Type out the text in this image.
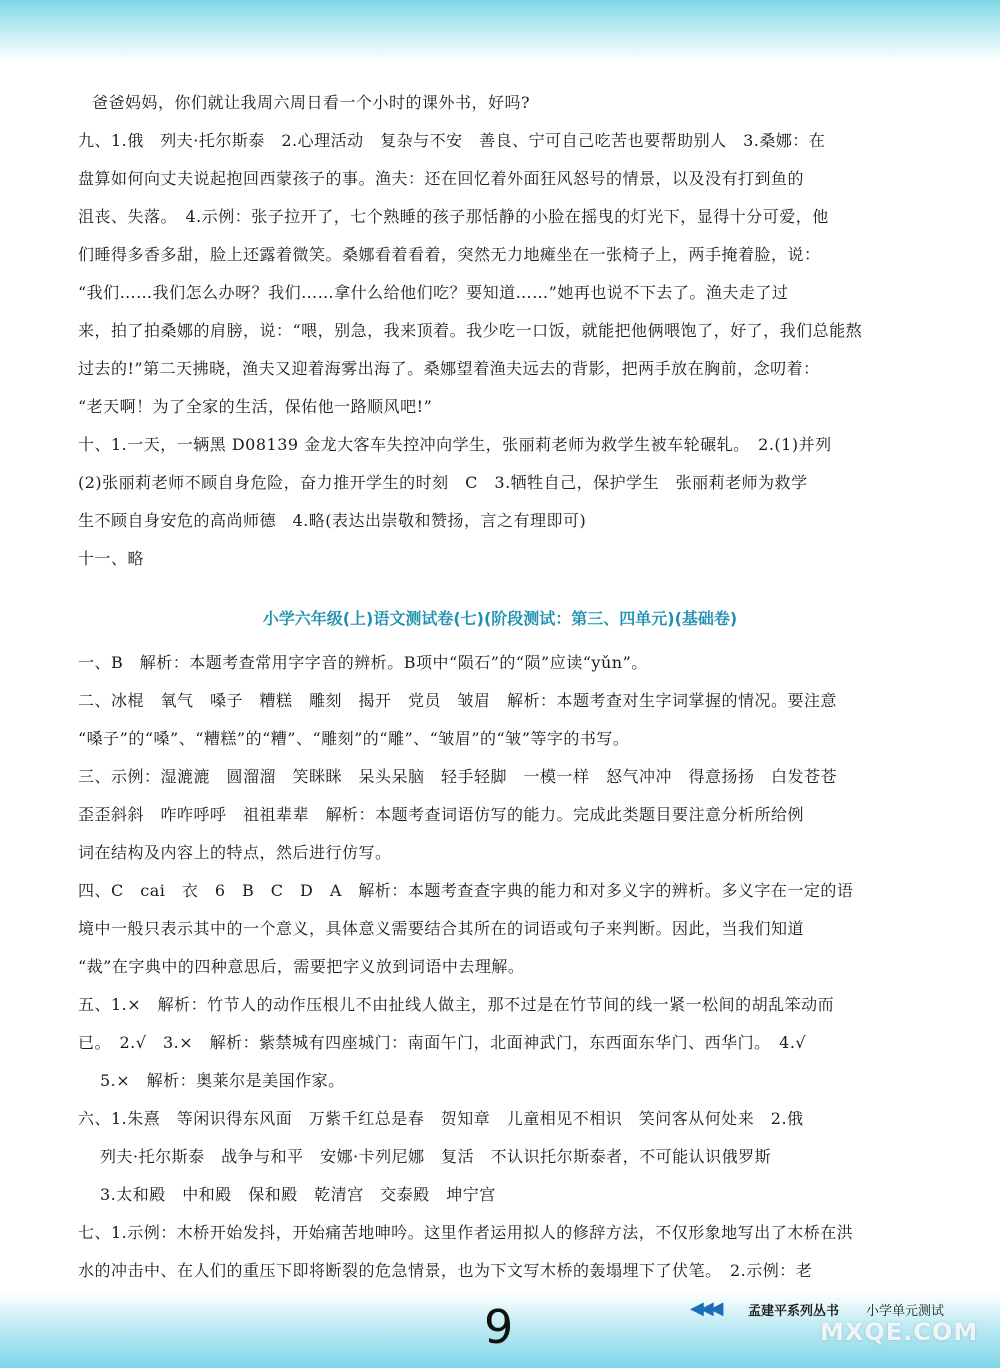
爸爸妈妈，你们就让我周六周日看一个小时的课外书，好吗?
九、1.俄　列夫·托尔斯泰　2.心理活动　复杂与不安　善良、宁可自己吃苦也要帮助别人　3.桑娜：在
盘算如何向丈夫说起抱回西蒙孩子的事。渔夫：还在回忆着外面狂风怒号的情景，以及没有打到鱼的
沮丧、失落。　4.示例：张子拉开了，七个熟睡的孩子那恬静的小脸在摇曳的灯光下，显得十分可爱，他
们睡得多香多甜，脸上还露着微笑。桑娜看着看着，突然无力地瘫坐在一张椅子上，两手掩着脸，说：
“我们……我们怎么办呀？我们……拿什么给他们吃？要知道……”她再也说不下去了。渔夫走了过
来，拍了拍桑娜的肩膀，说：“喂，别急，我来顶着。我少吃一口饭，就能把他俩喂饱了，好了，我们总能熬
过去的!”第二天拂晓，渔夫又迎着海雾出海了。桑娜望着渔夫远去的背影，把两手放在胸前，念叨着：
“老天啊！为了全家的生活，保佑他一路顺风吧!”
十、1.一天，一辆黑 D08139 金龙大客车失控冲向学生，张丽莉老师为救学生被车轮碾轧。　2.(1)并列
(2)张丽莉老师不顾自身危险，奋力推开学生的时刻　C　3.牺牲自己，保护学生　张丽莉老师为救学
生不顾自身安危的高尚师德　4.略(表达出崇敬和赞扬，言之有理即可)
十一、略
一、B　解析：本题考查常用字字音的辨析。B项中“陨石”的“陨”应读“yǔn”。
二、冰棍　氧气　嗓子　糟糕　雕刻　揭开　党员　皱眉　解析：本题考查对生字词掌握的情况。要注意
“嗓子”的“嗓”、“糟糕”的“糟”、“雕刻”的“雕”、“皱眉”的“皱”等字的书写。
三、示例：湿漉漉　圆溜溜　笑眯眯　呆头呆脑　轻手轻脚　一模一样　怒气冲冲　得意扬扬　白发苍苍
歪歪斜斜　咋咋呼呼　祖祖辈辈　解析：本题考查词语仿写的能力。完成此类题目要注意分析所给例
词在结构及内容上的特点，然后进行仿写。
四、C　cai　衣　6　B　C　D　A　解析：本题考查查字典的能力和对多义字的辨析。多义字在一定的语
境中一般只表示其中的一个意义，具体意义需要结合其所在的词语或句子来判断。因此，当我们知道
“裁”在字典中的四种意思后，需要把字义放到词语中去理解。
五、1.×　解析：竹节人的动作压根儿不由扯线人做主，那不过是在竹节间的线一紧一松间的胡乱笨动而
已。　2.√　3.×　解析：紫禁城有四座城门：南面午门，北面神武门，东西面东华门、西华门。　4.√
5.×　解析：奥莱尔是美国作家。
六、1.朱熹　等闲识得东风面　万紫千红总是春　贺知章　儿童相见不相识　笑问客从何处来　2.俄
列夫·托尔斯泰　战争与和平　安娜·卡列尼娜　复活　不认识托尔斯泰者，不可能认识俄罗斯
3.太和殿　中和殿　保和殿　乾清宫　交泰殿　坤宁宫
七、1.示例：木桥开始发抖，开始痛苦地呻吟。这里作者运用拟人的修辞方法，不仅形象地写出了木桥在洪
水的冲击中、在人们的重压下即将断裂的危急情景，也为下文写木桥的轰塌埋下了伏笔。　2.示例：老
小学六年级(上)语文测试卷(七)(阶段测试：第三、四单元)(基础卷)
◀◀◀ 孟建平系列丛书 小学单元测试
9	MXQE.COM
